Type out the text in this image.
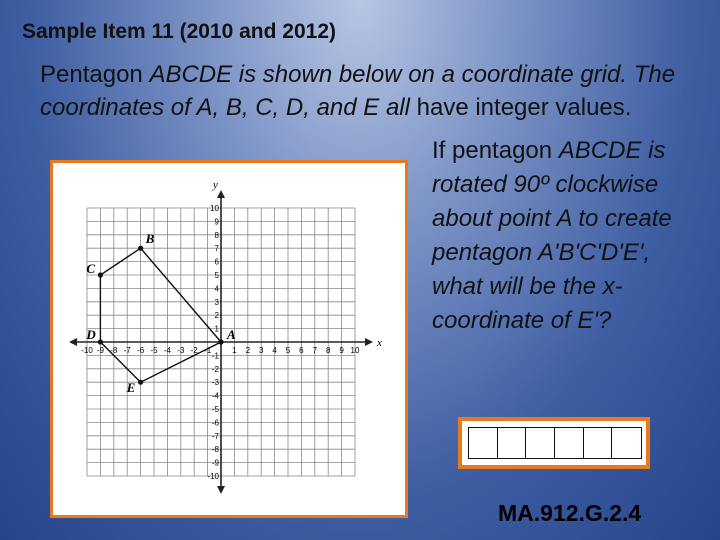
Sample Item 11 (2010 and 2012)
Pentagon ABCDE is shown below on a coordinate grid. The coordinates of A, B, C, D, and E all have integer values.
If pentagon ABCDE is rotated 90º clockwise about point A to create pentagon A'B'C'D'E', what will be the x-coordinate of E'?
x
y
-10 -9 -8 -7 -6 -5 -4 -3 -2 -1	1 2 3 4 5 6 7 8 9 10
10
9
8
7
6
5
4
3
2
1
-1
-2
-3
-4
-5
-6
-7
-8
-9
-10
A
B
C
D
E
MA.912.G.2.4
